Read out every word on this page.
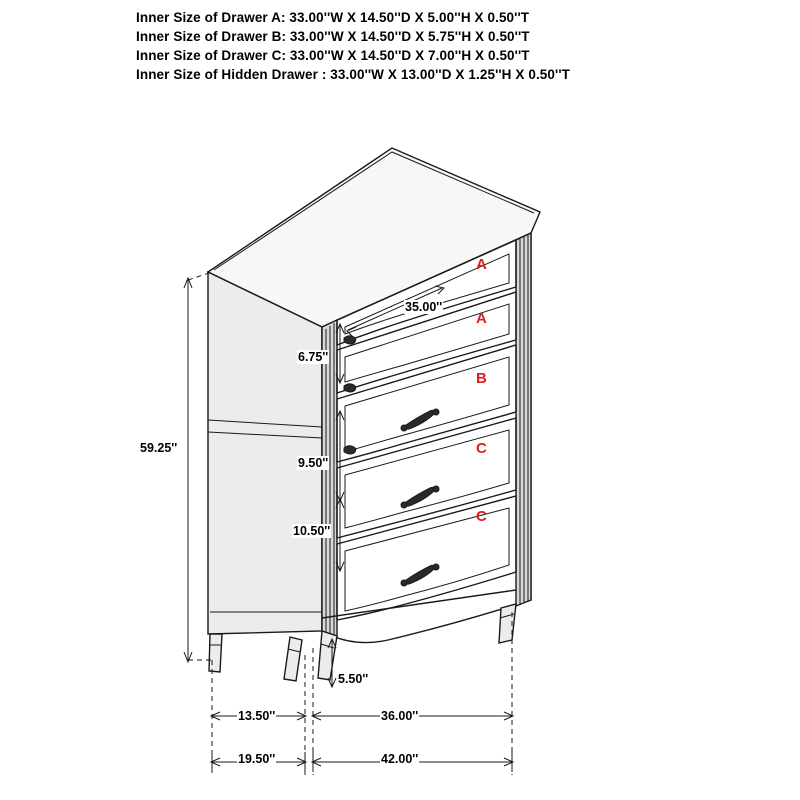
Inner Size of Drawer A: 33.00''W X 14.50''D X 5.00''H X 0.50''T
Inner Size of Drawer B: 33.00''W X 14.50''D X 5.75''H X 0.50''T
Inner Size of Drawer C: 33.00''W X 14.50''D X 7.00''H X 0.50''T
Inner Size of Hidden Drawer : 33.00''W X 13.00''D X 1.25''H X 0.50''T
59.25''
35.00''
6.75''
9.50''
10.50''
5.50''
13.50''	36.00''
19.50''	42.00''
A
A
B
C
C
